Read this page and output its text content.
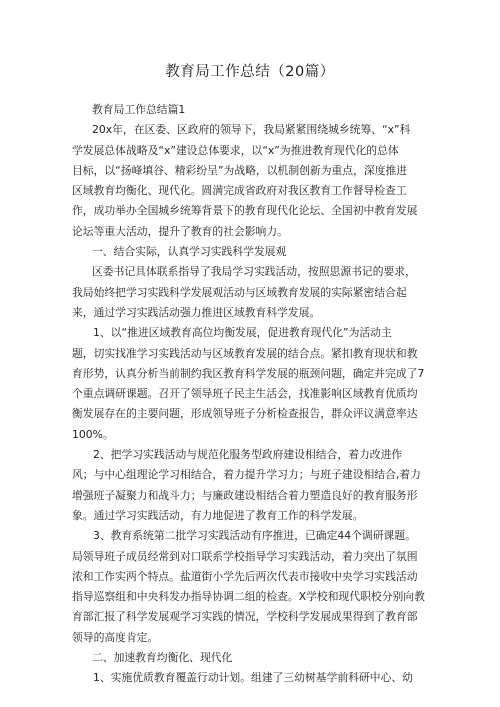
教育局工作总结（20篇）
教育局工作总结篇1
20x年，在区委、区政府的领导下，我局紧紧围绕城乡统筹、“x”科
学发展总体战略及“x”建设总体要求，以“x”为推进教育现代化的总体
目标，以“扬峰填谷、精彩纷呈”为战略，以机制创新为重点，深度推进
区域教育均衡化、现代化。圆满完成省政府对我区教育工作督导检查工
作，成功举办全国城乡统筹背景下的教育现代化论坛、全国初中教育发展
论坛等重大活动，提升了教育的社会影响力。
一、结合实际，认真学习实践科学发展观
区委书记具体联系指导了我局学习实践活动，按照思源书记的要求，
我局始终把学习实践科学发展观活动与区域教育发展的实际紧密结合起
来，通过学习实践活动强力推进区域教育科学发展。
1、以“推进区域教育高位均衡发展，促进教育现代化”为活动主
题，切实找准学习实践活动与区域教育发展的结合点。紧扣教育现状和教
育形势，认真分析当前制约我区教育科学发展的瓶颈问题，确定并完成了7
个重点调研课题。召开了领导班子民主生活会，找准影响区域教育优质均
衡发展存在的主要问题，形成领导班子分析检查报告，群众评议满意率达
100%。
2、把学习实践活动与规范化服务型政府建设相结合，着力改进作
风；与中心组理论学习相结合，着力提升学习力；与班子建设相结合,着力
增强班子凝聚力和战斗力；与廉政建设相结合着力塑造良好的教育服务形
象。通过学习实践活动，有力地促进了教育工作的科学发展。
3、教育系统第二批学习实践活动有序推进，已确定44个调研课题。
局领导班子成员经常到对口联系学校指导学习实践活动，着力突出了氛围
浓和工作实两个特点。盐道街小学先后两次代表市接收中央学习实践活动
指导巡察组和中央科发办指导协调二组的检查。X学校和现代职校分别向教
育部汇报了科学发展观学习实践的情况，学校科学发展成果得到了教育部
领导的高度肯定。
二、加速教育均衡化、现代化
1、实施优质教育覆盖行动计划。组建了三幼树基学前科研中心、幼
